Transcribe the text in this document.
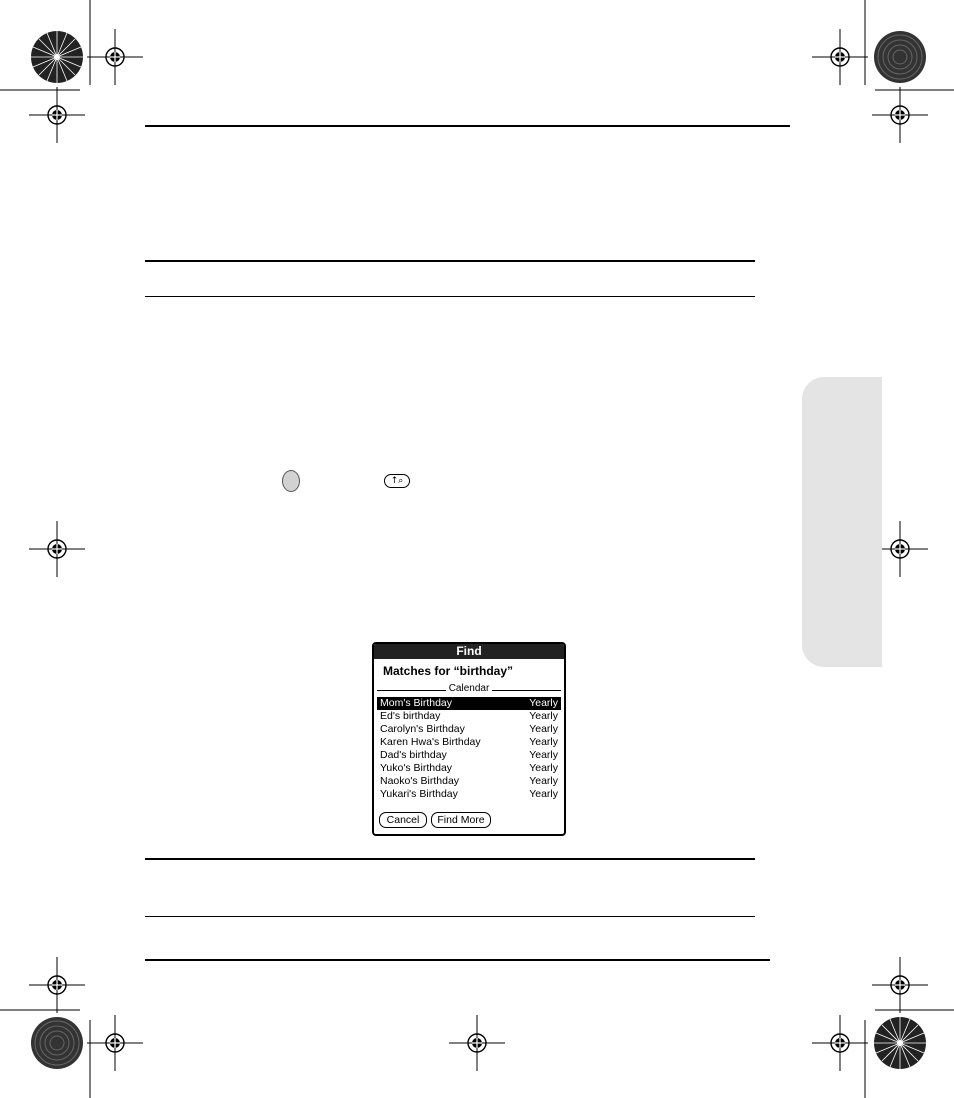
↑⌕
Find
Matches for “birthday”
Calendar
Mom's Birthday	Yearly
Ed's birthday	Yearly
Carolyn's Birthday	Yearly
Karen Hwa's Birthday	Yearly
Dad's birthday	Yearly
Yuko's Birthday	Yearly
Naoko's Birthday	Yearly
Yukari's Birthday	Yearly
Cancel	Find More
